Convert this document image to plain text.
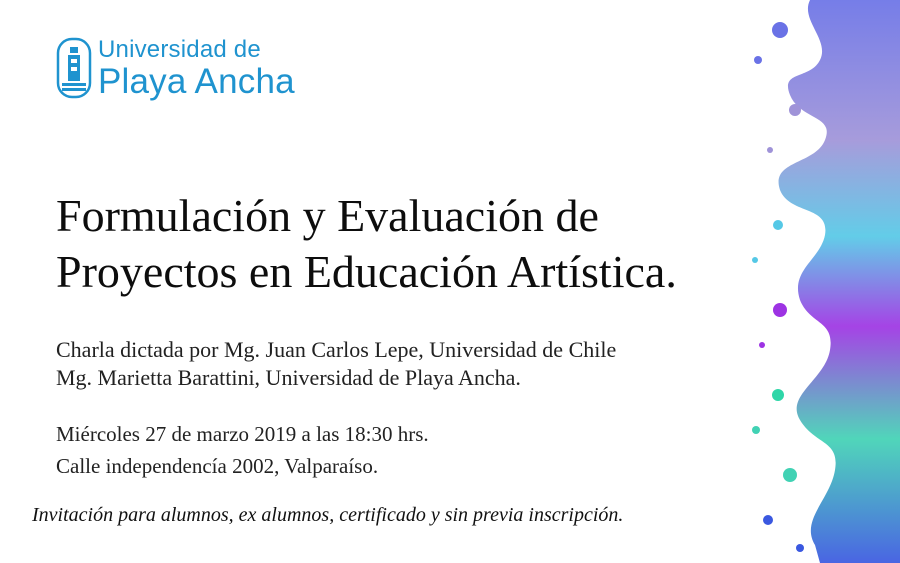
Universidad de
Playa Ancha
Formulación y Evaluación de
Proyectos en Educación Artística.
Charla dictada por Mg. Juan Carlos Lepe, Universidad de Chile
Mg. Marietta Barattini, Universidad de Playa Ancha.
Miércoles 27 de marzo 2019 a las 18:30 hrs.
Calle independencía 2002, Valparaíso.
Invitación para alumnos, ex alumnos, certificado y sin previa inscripción.
